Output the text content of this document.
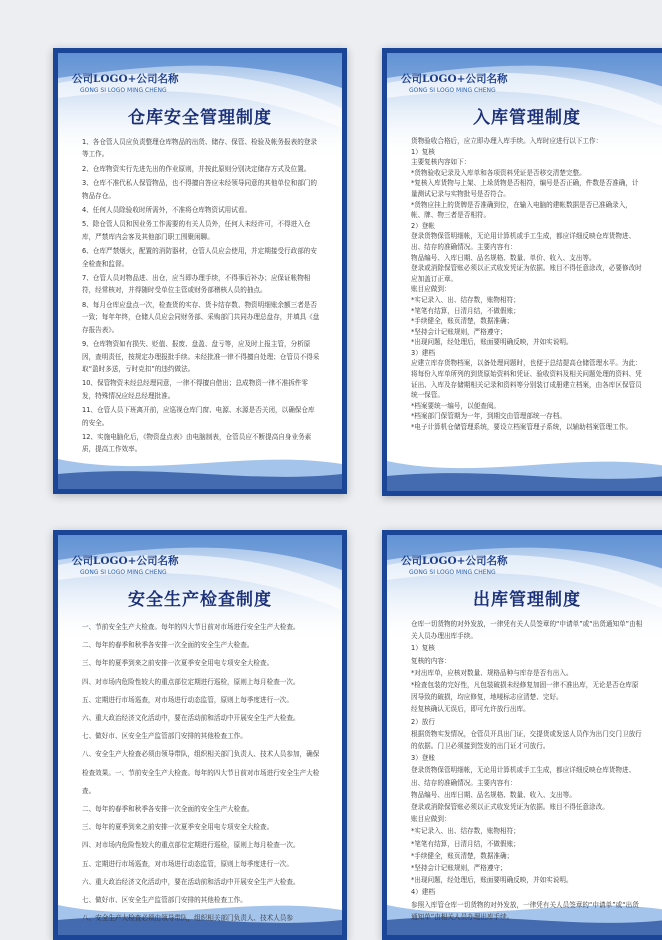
公司LOGO+公司名称
GONG SI LOGO MING CHENG
仓库安全管理制度

1、各仓管人员应负责整理仓库物品的出货、储存、保管、检验及帐务报表的登录等工作。

2、仓库物资实行先进先出的作业原则，并按此原则分别决定储存方式及位置。

3、仓库不准代私人保管物品，也不得擅自答应未经领导同意的其他单位和部门的物品存仓。

4、任何人员除验收时所需外，不准将仓库物资试用试看。

5、除仓管人员和因业务工作需要的有关人员外，任何人未经许可，不得进入仓库，严禁库内会客及其他部门职工围聚闲聊。

6、仓库严禁烟火，配置的消防器材，仓管人员应会使用，并定期接受行政部的安全检查和监督。

7、仓管人员对物品进、出仓，应当即办理手续，不得事后补办；应保证帐物相符，经常核对，并得随时受单位主管或财务部稽核人员的抽点。

8、每月仓库应盘点一次，检查货的实存、货卡结存数、物资明细账余额三者是否一致；每年年终，仓储人员应会同财务部、采购部门共同办理总盘存，并填具《盘存报告表》。

9、仓库物资如有损失、贬值、报废、盘盈、盘亏等，应及时上报主管，分析原因，查明责任，按规定办理报批手续。未经批准一律不得擅自处理；仓管员不得采取“盈时多送，亏时克扣”的违约做法。

10、保管物资未经总经理同意，一律不得擅自借出；总成物资一律不准拆件零发，特殊情况应经总经理批准。

11、仓管人员下班离开前，应巡视仓库门窗、电源、水源是否关闭，以确保仓库的安全。

12、实施电脑化后，《物资盘点表》由电脑制表，仓管员应不断提高自身业务素质，提高工作效率。

公司LOGO+公司名称
GONG SI LOGO MING CHENG
入库管理制度

货物验收合格后，应立即办理入库手续。入库时应进行以下工作：

1）复核

主要复核内容如下：

*货物验收记录及入库单和各项资料凭证是否移交清楚完整。

*复核入库货物与上架、上垛货物是否相符，编号是否正确，件数是否准确，计量测试记录与实物批号是否符合。

*货物应挂上的货牌是否准确到位，在输入电脑的建帐数据是否已准确录入，帐、牌、物三者是否相符。

2）登帐

登录货物保管明细帐，无论用计算机或手工生成，都应详细反映仓库货物进、出、结存的准确情况。主要内容有：

物品编号、入库日期、品名规格、数量、单价、收入、支出等。

登录或消除保管账必须以正式收发凭证为依据。账目不得任意涂改，必要修改时应加盖订正章。

账目应做到：

*实记录入、出、结存数，账物相符；

*笔笔有结算，日清月结，不做假账；

*手续健全，账页清楚，数据准确；

*坚持会计记账规则，严格遵守；

*出现问题，经处理后，账面要明确反映，并如实说明。

3）建档

应建立库存货物档案，以备处理问题时，也便于总结提高仓储管理水平。为此：将每份入库单所列的到货原始资料和凭证、验收资料及相关问题处理的资料、凭证出、入库及存储期相关记录和资料等分别装订成册建立档案，由各库区保管员统一保管。

*档案要统一编号，以便查阅。

*档案部门保管期为一年，到期交由管理部统一存档。

*电子计算机仓储管理系统，要设立档案管理子系统，以辅助档案管理工作。

公司LOGO+公司名称
GONG SI LOGO MING CHENG
安全生产检查制度

一、节前安全生产大检查。每年的四大节日前对市场进行安全生产大检查。

二、每年的春季和秋季各安排一次全面的安全生产大检查。

三、每年的夏季到来之前安排一次夏季安全用电专项安全大检查。

四、对市场内危险性较大的重点部位定期进行巡检，原则上每月检查一次。

五、定期进行市场巡查，对市场进行动态监管，原则上每季度进行一次。

六、重大政治经济文化活动中，要在活动前和活动中开展安全生产大检查。

七、做好市、区安全生产监管部门安排的其他检查工作。

八、安全生产大检查必须由领导带队，组织相关部门负责人、技术人员参加，确保检查效果。一、节前安全生产大检查。每年的四大节日前对市场进行安全生产大检查。

二、每年的春季和秋季各安排一次全面的安全生产大检查。

三、每年的夏季到来之前安排一次夏季安全用电专项安全大检查。

四、对市场内危险性较大的重点部位定期进行巡检，原则上每月检查一次。

五、定期进行市场巡查，对市场进行动态监管，原则上每季度进行一次。

六、重大政治经济文化活动中，要在活动前和活动中开展安全生产大检查。

七、做好市、区安全生产监管部门安排的其他检查工作。

八、安全生产大检查必须由领导带队，组织相关部门负责人、技术人员参

公司LOGO+公司名称
GONG SI LOGO MING CHENG
出库管理制度

仓库一切货物的对外发放，一律凭有关人员签章的“申请单”或“出货通知单”由相关人员办理出库手续。

1）复核

复核的内容：

*对出库单，应核对数量、规格品种与库存是否有出入。

*检查包装的完好性，凡包装破损未经修复加固一律不准出库，无论是否仓库原因导致的破损，均应修复，地唛标志应清楚、完好。

经复核确认无误后，即可允许放行出库。

2）放行

根据货物实发情况，仓管员开具出门证，交提货或发送人员作为出门交门卫放行的依据。门卫必须接到签发的出门证才可放行。

3）登账

登录货物保管明细帐，无论用计算机或手工生成，都应详细反映仓库货物进、出、结存的准确情况。主要内容有：

物品编号、出库日期、品名规格、数量、收入、支出等。

登录或消除保管账必须以正式收发凭证为依据。账目不得任意涂改。

账目应做到：

*实记录入、出、结存数，账物相符；

*笔笔有结算，日清月结，不做假账；

*手续健全，账页清楚，数据准确；

*坚持会计记账规则，严格遵守；

*出现问题，经处理后，账面要明确反映，并如实说明。

4）建档

参照入库管仓库一切货物的对外发放，一律凭有关人员签章的“申请单”或“出货通知单”由相关人员办理出库手续。
